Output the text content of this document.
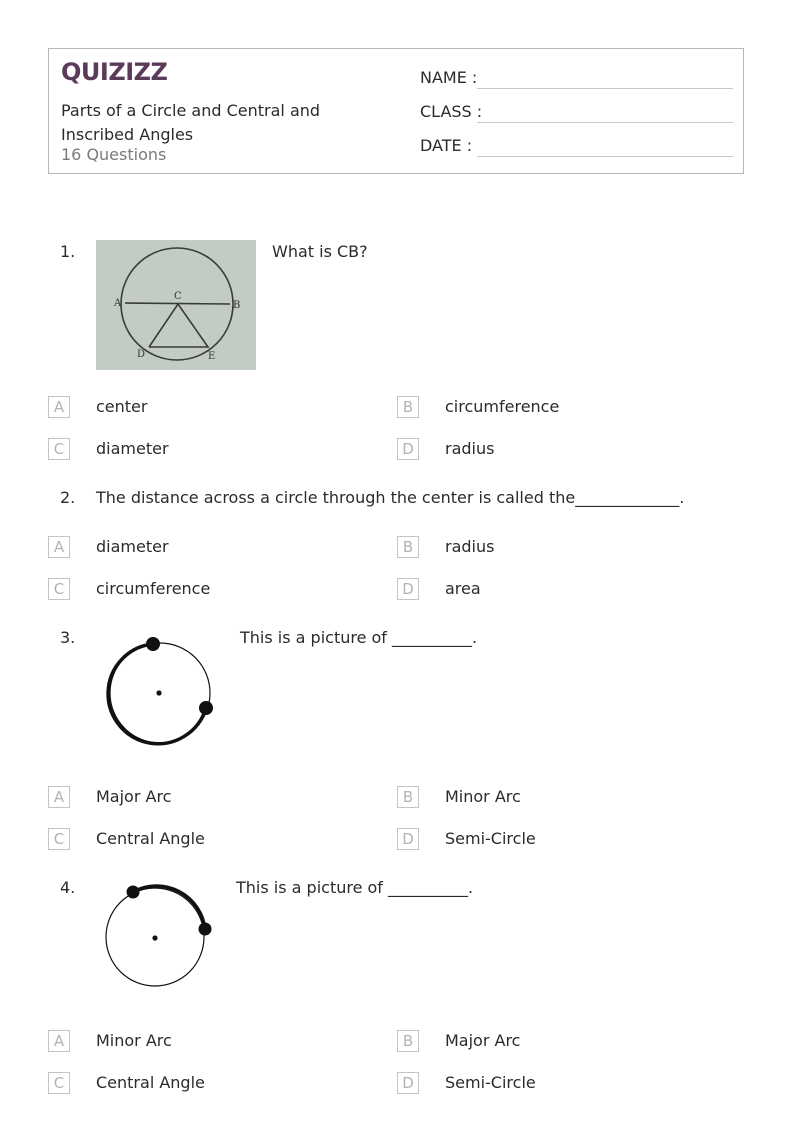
QUIZIZZ
Parts of a Circle and Central and Inscribed Angles
16 Questions
NAME :
CLASS :
DATE :
1.
A
C
B
D	E
What is CB?
A	center	B	circumference
C	diameter	D	radius
2. The distance across a circle through the center is called the_____________.
A	diameter	B	radius
C	circumference	D	area
3.	This is a picture of __________.
A	Major Arc	B	Minor Arc
C	Central Angle	D	Semi-Circle
4.	This is a picture of __________.
A	Minor Arc	B	Major Arc
C	Central Angle	D	Semi-Circle
